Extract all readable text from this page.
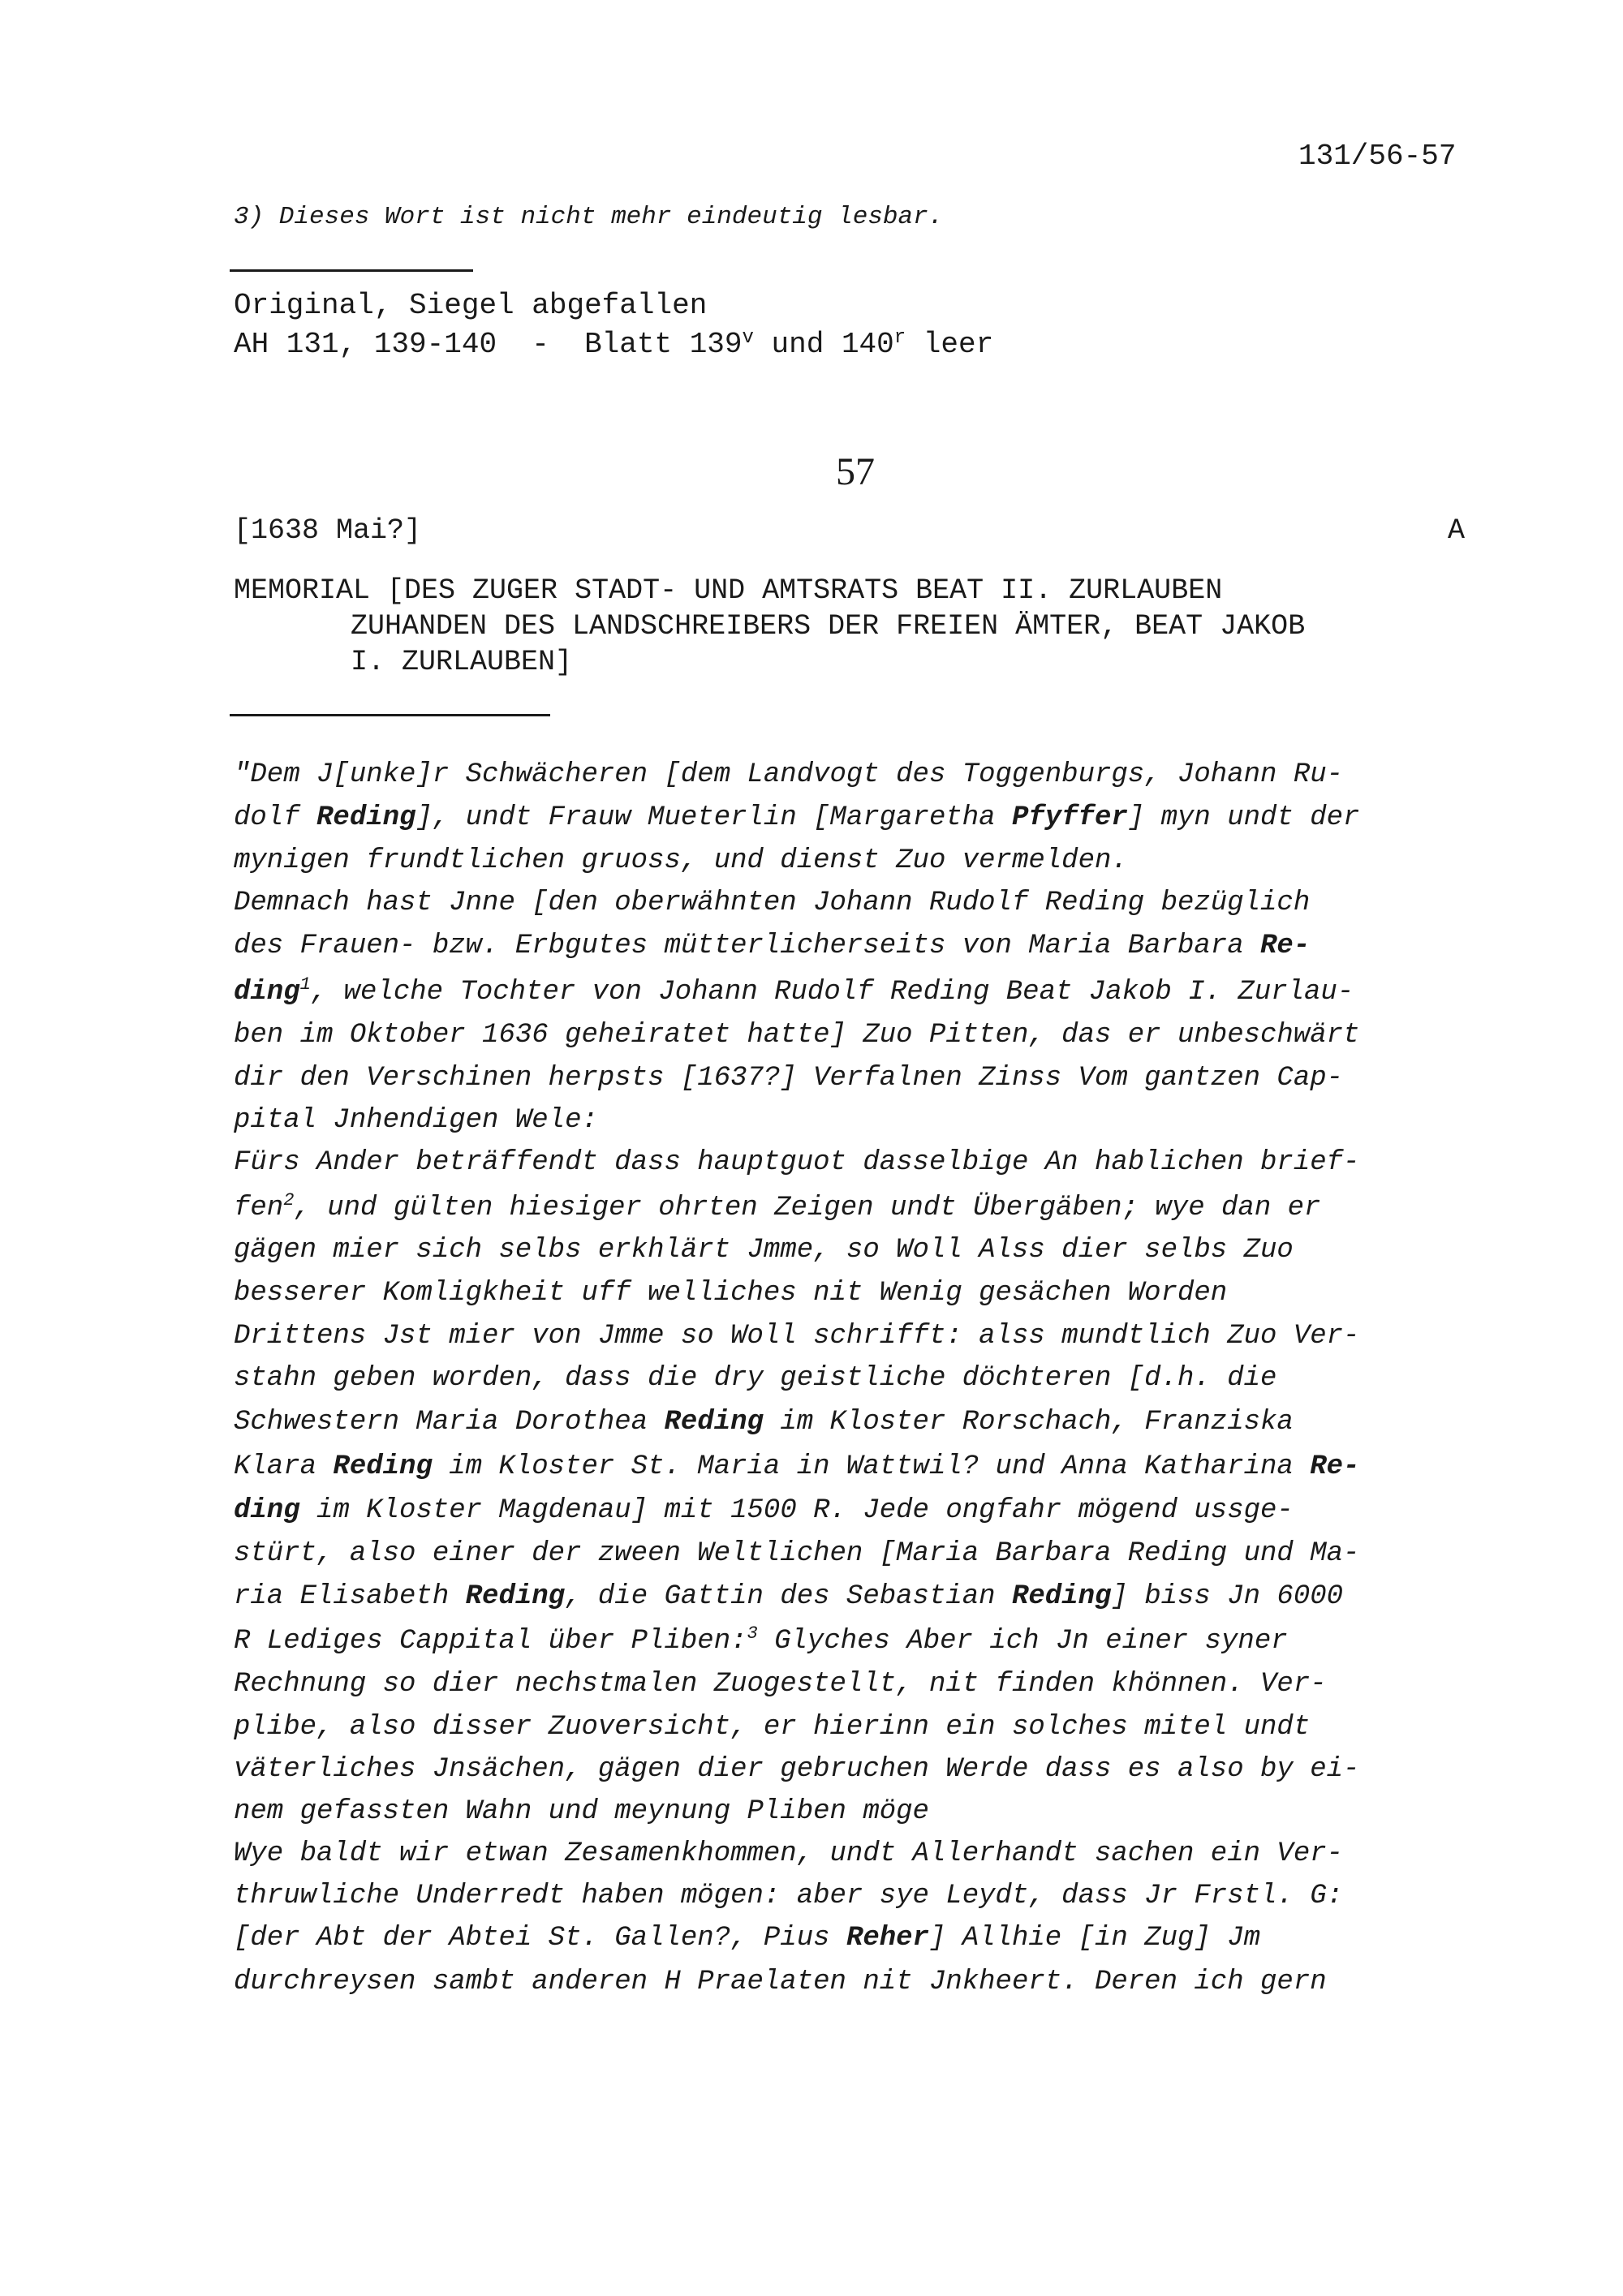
131/56-57
3) Dieses Wort ist nicht mehr eindeutig lesbar.
Original, Siegel abgefallen
AH 131, 139-140  -  Blatt 139$^v$ und 140$^r$ leer
57
[1638 Mai?]	A
MEMORIAL [DES ZUGER STADT- UND AMTSRATS BEAT II. ZURLAUBEN
ZUHANDEN DES LANDSCHREIBERS DER FREIEN ÄMTER, BEAT JAKOB
I. ZURLAUBEN]
"Dem J[unke]r Schwächeren [dem Landvogt des Toggenburgs, Johann Ru-
dolf Reding], undt Frauw Mueterlin [Margaretha Pfyffer] myn undt der
mynigen frundtlichen gruoss, und dienst Zuo vermelden.
Demnach hast Jnne [den oberwähnten Johann Rudolf Reding bezüglich
des Frauen- bzw. Erbgutes mütterlicherseits von Maria Barbara Re-
ding$^1$, welche Tochter von Johann Rudolf Reding Beat Jakob I. Zurlau-
ben im Oktober 1636 geheiratet hatte] Zuo Pitten, das er unbeschwärt
dir den Verschinen herpsts [1637?] Verfalnen Zinss Vom gantzen Cap-
pital Jnhendigen Wele:
Fürs Ander beträffendt dass hauptguot dasselbige An hablichen brief-
fen$^2$, und gülten hiesiger ohrten Zeigen undt Übergäben; wye dan er
gägen mier sich selbs erkhlärt Jmme, so Woll Alss dier selbs Zuo
besserer Komligkheit uff welliches nit Wenig gesächen Worden
Drittens Jst mier von Jmme so Woll schrifft: alss mundtlich Zuo Ver-
stahn geben worden, dass die dry geistliche döchteren [d.h. die
Schwestern Maria Dorothea Reding im Kloster Rorschach, Franziska
Klara Reding im Kloster St. Maria in Wattwil? und Anna Katharina Re-
ding im Kloster Magdenau] mit 1500 R. Jede ongfahr mögend ussge-
stürt, also einer der zween Weltlichen [Maria Barbara Reding und Ma-
ria Elisabeth Reding, die Gattin des Sebastian Reding] biss Jn 6000
R Lediges Cappital über Pliben:$^3$ Glyches Aber ich Jn einer syner
Rechnung so dier nechstmalen Zuogestellt, nit finden khönnen. Ver-
plibe, also disser Zuoversicht, er hierinn ein solches mitel undt
väterliches Jnsächen, gägen dier gebruchen Werde dass es also by ei-
nem gefassten Wahn und meynung Pliben möge
Wye baldt wir etwan Zesamenkhommen, undt Allerhandt sachen ein Ver-
thruwliche Underredt haben mögen: aber sye Leydt, dass Jr Frstl. G:
[der Abt der Abtei St. Gallen?, Pius Reher] Allhie [in Zug] Jm
durchreysen sambt anderen H Praelaten nit Jnkheert. Deren ich gern
